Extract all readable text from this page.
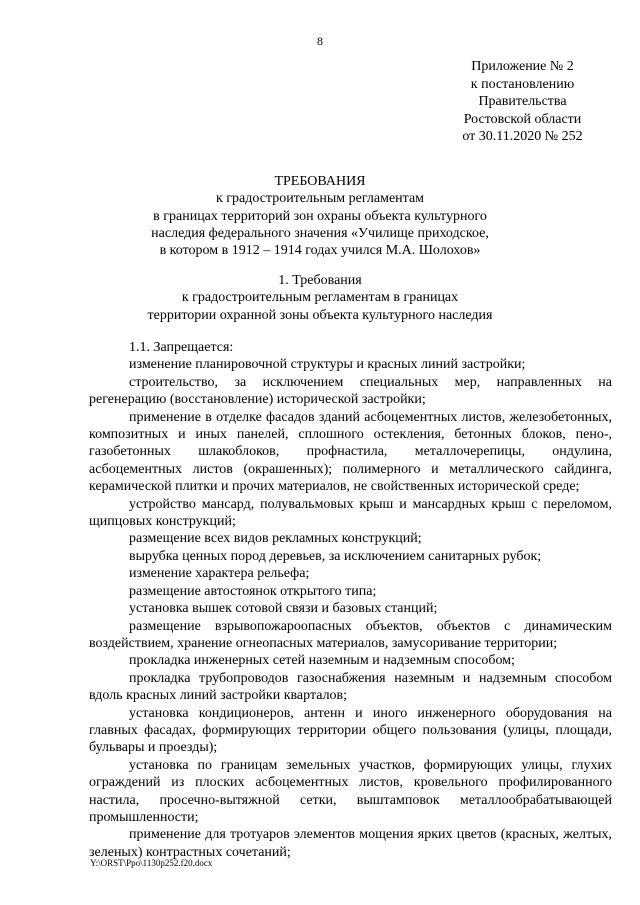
8
Приложение № 2
к постановлению
Правительства
Ростовской области
от 30.11.2020 № 252
ТРЕБОВАНИЯ
к градостроительным регламентам
в границах территорий зон охраны объекта культурного
наследия федерального значения «Училище приходское,
в котором в 1912 – 1914 годах учился М.А. Шолохов»
1. Требования
к градостроительным регламентам в границах
территории охранной зоны объекта культурного наследия

1.1. Запрещается:

изменение планировочной структуры и красных линий застройки;

строительство, за исключением специальных мер, направленных на регенерацию (восстановление) исторической застройки;

применение в отделке фасадов зданий асбоцементных листов, железобетонных, композитных и иных панелей, сплошного остекления, бетонных блоков, пено-, газобетонных шлакоблоков, профнастила, металлочерепицы, ондулина, асбоцементных листов (окрашенных); полимерного и металлического сайдинга, керамической плитки и прочих материалов, не свойственных исторической среде;

устройство мансард, полувальмовых крыш и мансардных крыш с переломом, щипцовых конструкций;

размещение всех видов рекламных конструкций;

вырубка ценных пород деревьев, за исключением санитарных рубок;

изменение характера рельефа;

размещение автостоянок открытого типа;

установка вышек сотовой связи и базовых станций;

размещение взрывопожароопасных объектов, объектов с динамическим воздействием, хранение огнеопасных материалов, замусоривание территории;

прокладка инженерных сетей наземным и надземным способом;

прокладка трубопроводов газоснабжения наземным и надземным способом вдоль красных линий застройки кварталов;

установка кондиционеров, антенн и иного инженерного оборудования на главных фасадах, формирующих территории общего пользования (улицы, площади, бульвары и проезды);

установка по границам земельных участков, формирующих улицы, глухих ограждений из плоских асбоцементных листов, кровельного профилированного настила, просечно-вытяжной сетки, выштамповок металлообрабатывающей промышленности;

применение для тротуаров элементов мощения ярких цветов (красных, желтых, зеленых) контрастных сочетаний;

Y:\ORST\Ppo\1130p252.f20.docx
